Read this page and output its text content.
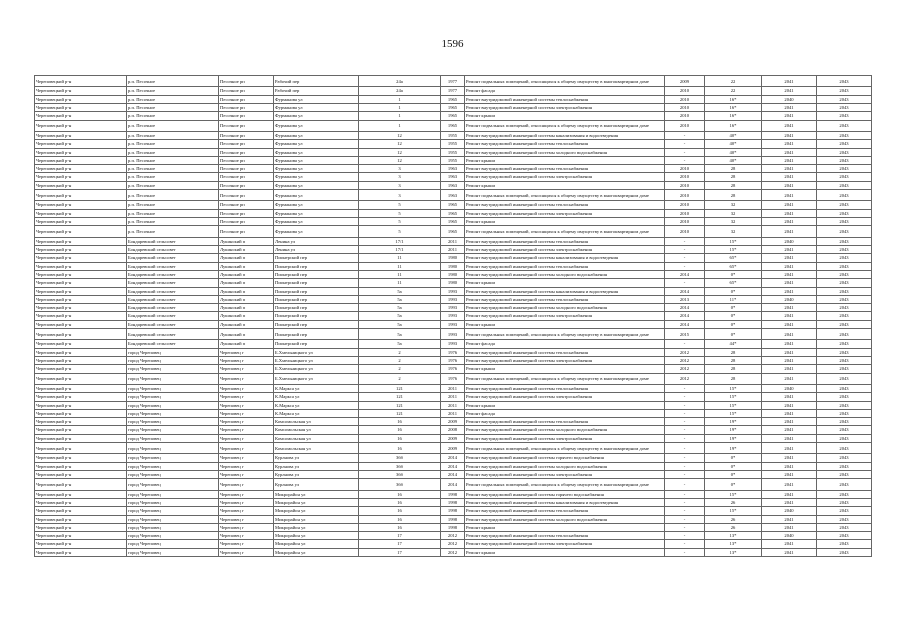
1596
Череповецкий р-н	р.п. Песочное	Песочное рп	Рабочий пер	24а	1977	Ремонт подвальных помещений, относящихся к общему имуществу в многоквартирном доме	2009	22	2041	2043
Череповецкий р-н	р.п. Песочное	Песочное рп	Рабочий пер	24а	1977	Ремонт фасада	2010	22	2041	2043
Череповецкий р-н	р.п. Песочное	Песочное рп	Фурманова ул	1	1965	Ремонт внутридомовой инженерной системы теплоснабжения	2010	16*	2040	2043
Череповецкий р-н	р.п. Песочное	Песочное рп	Фурманова ул	1	1965	Ремонт внутридомовой инженерной системы электроснабжения	2010	16*	2041	2043
Череповецкий р-н	р.п. Песочное	Песочное рп	Фурманова ул	1	1965	Ремонт крыши	2010	16*	2041	2043
Череповецкий р-н	р.п. Песочное	Песочное рп	Фурманова ул	1	1965	Ремонт подвальных помещений, относящихся к общему имуществу в многоквартирном доме	2010	16*	2041	2043
Череповецкий р-н	р.п. Песочное	Песочное рп	Фурманова ул	12	1955	Ремонт внутридомовой инженерной системы канализования и водоотведения	-	40*	2041	2043
Череповецкий р-н	р.п. Песочное	Песочное рп	Фурманова ул	12	1955	Ремонт внутридомовой инженерной системы теплоснабжения	-	40*	2041	2043
Череповецкий р-н	р.п. Песочное	Песочное рп	Фурманова ул	12	1955	Ремонт внутридомовой инженерной системы холодного водоснабжения	-	40*	2041	2043
Череповецкий р-н	р.п. Песочное	Песочное рп	Фурманова ул	12	1955	Ремонт крыши	-	40*	2041	2043
Череповецкий р-н	р.п. Песочное	Песочное рп	Фурманова ул	3	1963	Ремонт внутридомовой инженерной системы теплоснабжения	2010	28	2041	2043
Череповецкий р-н	р.п. Песочное	Песочное рп	Фурманова ул	3	1963	Ремонт внутридомовой инженерной системы электроснабжения	2010	28	2041	2043
Череповецкий р-н	р.п. Песочное	Песочное рп	Фурманова ул	3	1963	Ремонт крыши	2010	28	2041	2043
Череповецкий р-н	р.п. Песочное	Песочное рп	Фурманова ул	3	1963	Ремонт подвальных помещений, относящихся к общему имуществу в многоквартирном доме	2010	28	2041	2043
Череповецкий р-н	р.п. Песочное	Песочное рп	Фурманова ул	5	1965	Ремонт внутридомовой инженерной системы теплоснабжения	2010	32	2041	2043
Череповецкий р-н	р.п. Песочное	Песочное рп	Фурманова ул	5	1965	Ремонт внутридомовой инженерной системы электроснабжения	2010	32	2041	2043
Череповецкий р-н	р.п. Песочное	Песочное рп	Фурманова ул	5	1965	Ремонт крыши	2010	32	2041	2043
Череповецкий р-н	р.п. Песочное	Песочное рп	Фурманова ул	5	1965	Ремонт подвальных помещений, относящихся к общему имуществу в многоквартирном доме	2010	32	2041	2043
Череповецкий р-н	Бондаревский сельсовет	Лукинский п	Ленина ул	17/1	2011	Ремонт внутридомовой инженерной системы теплоснабжения	-	15*	2040	2043
Череповецкий р-н	Бондаревский сельсовет	Лукинский п	Ленина ул	17/1	2011	Ремонт внутридомовой инженерной системы электроснабжения	-	15*	2041	2043
Череповецкий р-н	Бондаревский сельсовет	Лукинский п	Пионерский пер	11	1980	Ремонт внутридомовой инженерной системы канализования и водоотведения	-	65*	2041	2043
Череповецкий р-н	Бондаревский сельсовет	Лукинский п	Пионерский пер	11	1980	Ремонт внутридомовой инженерной системы теплоснабжения	-	65*	2041	2043
Череповецкий р-н	Бондаревский сельсовет	Лукинский п	Пионерский пер	11	1980	Ремонт внутридомовой инженерной системы холодного водоснабжения	2014	0*	2041	2043
Череповецкий р-н	Бондаревский сельсовет	Лукинский п	Пионерский пер	11	1980	Ремонт крыши	-	65*	2041	2043
Череповецкий р-н	Бондаревский сельсовет	Лукинский п	Пионерский пер	5а	1993	Ремонт внутридомовой инженерной системы канализования и водоотведения	2014	0*	2041	2043
Череповецкий р-н	Бондаревский сельсовет	Лукинский п	Пионерский пер	5а	1993	Ремонт внутридомовой инженерной системы теплоснабжения	2013	11*	2040	2043
Череповецкий р-н	Бондаревский сельсовет	Лукинский п	Пионерский пер	5а	1993	Ремонт внутридомовой инженерной системы холодного водоснабжения	2014	0*	2041	2043
Череповецкий р-н	Бондаревский сельсовет	Лукинский п	Пионерский пер	5а	1993	Ремонт внутридомовой инженерной системы электроснабжения	2014	0*	2041	2043
Череповецкий р-н	Бондаревский сельсовет	Лукинский п	Пионерский пер	5а	1993	Ремонт крыши	2014	0*	2041	2043
Череповецкий р-н	Бондаревский сельсовет	Лукинский п	Пионерский пер	5а	1993	Ремонт подвальных помещений, относящихся к общему имуществу в многоквартирном доме	2015	0*	2041	2043
Череповецкий р-н	Бондаревский сельсовет	Лукинский п	Пионерский пер	5а	1993	Ремонт фасада	-	44*	2041	2043
Череповецкий р-н	город Череповец	Череповец г	Б.Хмельницкого ул	2	1976	Ремонт внутридомовой инженерной системы теплоснабжения	2012	28	2041	2043
Череповецкий р-н	город Череповец	Череповец г	Б.Хмельницкого ул	2	1976	Ремонт внутридомовой инженерной системы электроснабжения	2012	28	2041	2043
Череповецкий р-н	город Череповец	Череповец г	Б.Хмельницкого ул	2	1976	Ремонт крыши	2012	28	2041	2043
Череповецкий р-н	город Череповец	Череповец г	Б.Хмельницкого ул	2	1976	Ремонт подвальных помещений, относящихся к общему имуществу в многоквартирном доме	2012	28	2041	2043
Череповецкий р-н	город Череповец	Череповец г	К.Маркса ул	121	2011	Ремонт внутридомовой инженерной системы теплоснабжения	-	15*	2040	2043
Череповецкий р-н	город Череповец	Череповец г	К.Маркса ул	121	2011	Ремонт внутридомовой инженерной системы электроснабжения	-	15*	2041	2043
Череповецкий р-н	город Череповец	Череповец г	К.Маркса ул	121	2011	Ремонт крыши	-	15*	2041	2043
Череповецкий р-н	город Череповец	Череповец г	К.Маркса ул	121	2011	Ремонт фасада	-	15*	2041	2043
Череповецкий р-н	город Череповец	Череповец г	Комсомольская ул	16	2009	Ремонт внутридомовой инженерной системы теплоснабжения	-	19*	2041	2043
Череповецкий р-н	город Череповец	Череповец г	Комсомольская ул	16	2008	Ремонт внутридомовой инженерной системы холодного водоснабжения	-	19*	2041	2043
Череповецкий р-н	город Череповец	Череповец г	Комсомольская ул	16	2009	Ремонт внутридомовой инженерной системы электроснабжения	-	19*	2041	2043
Череповецкий р-н	город Череповец	Череповец г	Комсомольская ул	16	2009	Ремонт подвальных помещений, относящихся к общему имуществу в многоквартирном доме	-	19*	2041	2043
Череповецкий р-н	город Череповец	Череповец г	Курлнова ул	36б	2014	Ремонт внутридомовой инженерной системы горячего водоснабжения	-	0*	2041	2043
Череповецкий р-н	город Череповец	Череповец г	Курлнова ул	36б	2014	Ремонт внутридомовой инженерной системы холодного водоснабжения	-	0*	2041	2043
Череповецкий р-н	город Череповец	Череповец г	Курлнова ул	36б	2014	Ремонт внутридомовой инженерной системы электроснабжения	-	0*	2041	2043
Череповецкий р-н	город Череповец	Череповец г	Курлнова ул	36б	2014	Ремонт подвальных помещений, относящихся к общему имуществу в многоквартирном доме	-	0*	2041	2043
Череповецкий р-н	город Череповец	Череповец г	Микрорайон ул	16	1998	Ремонт внутридомовой инженерной системы горячего водоснабжения	-	15*	2041	2043
Череповецкий р-н	город Череповец	Череповец г	Микрорайон ул	16	1998	Ремонт внутридомовой инженерной системы канализования и водоотведения	-	26	2041	2043
Череповецкий р-н	город Череповец	Череповец г	Микрорайон ул	16	1998	Ремонт внутридомовой инженерной системы теплоснабжения	-	15*	2040	2043
Череповецкий р-н	город Череповец	Череповец г	Микрорайон ул	16	1998	Ремонт внутридомовой инженерной системы холодного водоснабжения	-	26	2041	2043
Череповецкий р-н	город Череповец	Череповец г	Микрорайон ул	16	1998	Ремонт крыши	-	26	2041	2043
Череповецкий р-н	город Череповец	Череповец г	Микрорайон ул	17	2012	Ремонт внутридомовой инженерной системы теплоснабжения	-	13*	2040	2043
Череповецкий р-н	город Череповец	Череповец г	Микрорайон ул	17	2012	Ремонт внутридомовой инженерной системы электроснабжения	-	13*	2041	2043
Череповецкий р-н	город Череповец	Череповец г	Микрорайон ул	17	2012	Ремонт крыши	-	13*	2041	2043
